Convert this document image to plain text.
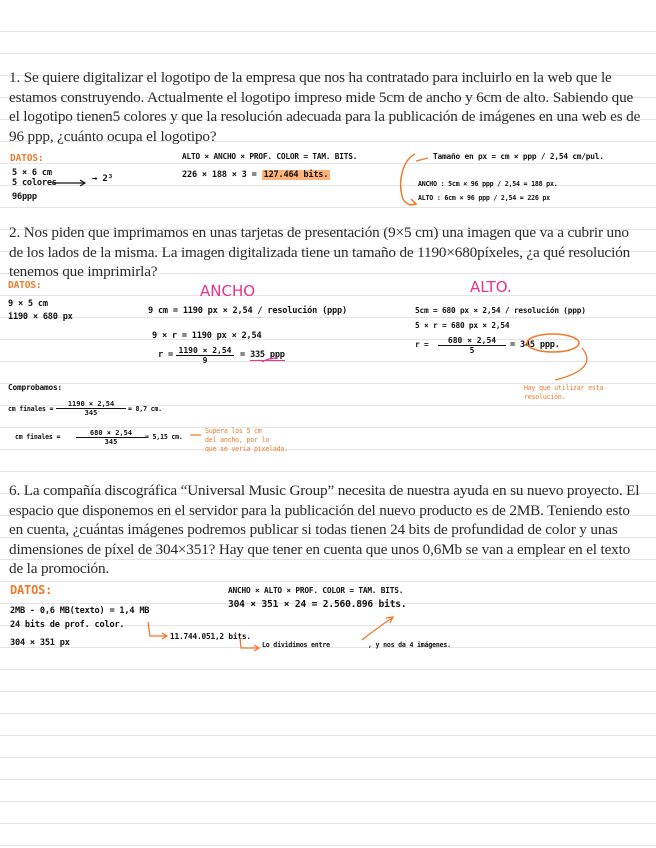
1. Se quiere digitalizar el logotipo de la empresa que nos ha contratado para incluirlo en la web que le estamos construyendo. Actualmente el logotipo impreso mide 5cm de ancho y 6cm de alto. Sabiendo que el logotipo tienen5 colores y que la resolución adecuada para la publicación de imágenes en una web es de 96 ppp, ¿cuánto ocupa el logotipo?
DATOS:
5 × 6 cm
5 colores	→ 2³
96ppp
ALTO × ANCHO × PROF. COLOR = TAM. BITS.
226 × 188 × 3 = 127.464 bits.
Tamaño en px = cm × ppp / 2,54 cm/pul.
ANCHO : 5cm × 96 ppp / 2,54 = 188 px.
ALTO : 6cm × 96 ppp / 2,54 = 226 px
2. Nos piden que imprimamos en unas tarjetas de presentación (9×5 cm) una imagen que va a cubrir uno de los lados de la misma. La imagen digitalizada tiene un tamaño de 1190×680píxeles, ¿a qué resolución tenemos que imprimirla?
DATOS:
9 × 5 cm
1190 × 680 px
ANCHO
9 cm = 1190 px × 2,54 / resolución (ppp)
9 × r = 1190 px × 2,54
$r = \frac{1190 \times 2,54}{9} = 335$ ppp
ALTO.
5cm = 680 px × 2,54 / resolución (ppp)
5 × r = 680 px × 2,54
$r = \frac{680 \times 2,54}{5} = 345$ ppp.
Hay que utilizar esta
resolución.
Comprobamos:
cm finales = $\frac{1190 \times 2,54}{345} = 8,7$ cm.
cm finales = $\frac{680 \times 2,54}{345} = 5,15$ cm.
Supera los 5 cm
del ancho, por lo
que se vería pixelada.
6. La compañía discográfica “Universal Music Group” necesita de nuestra ayuda en su nuevo proyecto. El espacio que disponemos en el servidor para la publicación del nuevo producto es de 2MB. Teniendo esto en cuenta, ¿cuántas imágenes podremos publicar si todas tienen 24 bits de profundidad de color y unas dimensiones de píxel de 304×351? Hay que tener en cuenta que unos 0,6Mb se van a emplear en el texto de la promoción.
DATOS:
2MB - 0,6 MB(texto) = 1,4 MB
24 bits de prof. color.
304 × 351 px
11.744.051,2 bits.
Lo dividimos entre	, y nos da 4 imágenes.
ANCHO × ALTO × PROF. COLOR = TAM. BITS.
304 × 351 × 24 = 2.560.896 bits.
